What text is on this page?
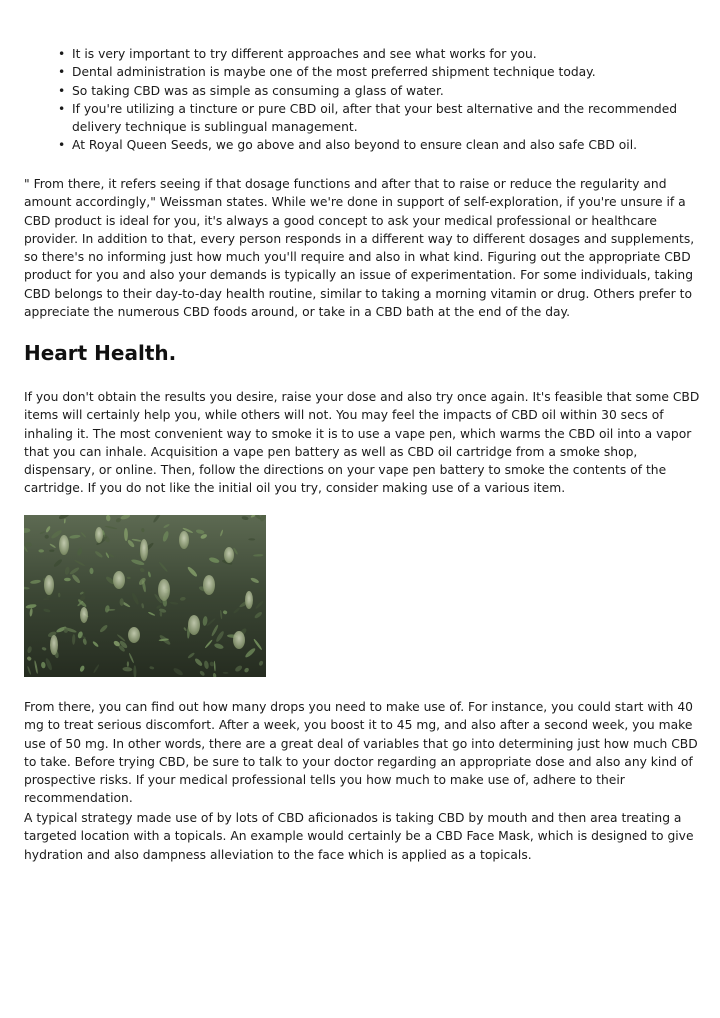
• It is very important to try different approaches and see what works for you.
• Dental administration is maybe one of the most preferred shipment technique today.
• So taking CBD was as simple as consuming a glass of water.
• If you're utilizing a tincture or pure CBD oil, after that your best alternative and the recommended delivery technique is sublingual management.
• At Royal Queen Seeds, we go above and also beyond to ensure clean and also safe CBD oil.

" From there, it refers seeing if that dosage functions and after that to raise or reduce the regularity and amount accordingly," Weissman states. While we're done in support of self-exploration, if you're unsure if a CBD product is ideal for you, it's always a good concept to ask your medical professional or healthcare provider. In addition to that, every person responds in a different way to different dosages and supplements, so there's no informing just how much you'll require and also in what kind. Figuring out the appropriate CBD product for you and also your demands is typically an issue of experimentation. For some individuals, taking CBD belongs to their day-to-day health routine, similar to taking a morning vitamin or drug. Others prefer to appreciate the numerous CBD foods around, or take in a CBD bath at the end of the day.

Heart Health.

If you don't obtain the results you desire, raise your dose and also try once again. It's feasible that some CBD items will certainly help you, while others will not. You may feel the impacts of CBD oil within 30 secs of inhaling it. The most convenient way to smoke it is to use a vape pen, which warms the CBD oil into a vapor that you can inhale. Acquisition a vape pen battery as well as CBD oil cartridge from a smoke shop, dispensary, or online. Then, follow the directions on your vape pen battery to smoke the contents of the cartridge. If you do not like the initial oil you try, consider making use of a various item.

From there, you can find out how many drops you need to make use of. For instance, you could start with 40 mg to treat serious discomfort. After a week, you boost it to 45 mg, and also after a second week, you make use of 50 mg. In other words, there are a great deal of variables that go into determining just how much CBD to take. Before trying CBD, be sure to talk to your doctor regarding an appropriate dose and also any kind of prospective risks. If your medical professional tells you how much to make use of, adhere to their recommendation.

A typical strategy made use of by lots of CBD aficionados is taking CBD by mouth and then area treating a targeted location with a topicals. An example would certainly be a CBD Face Mask, which is designed to give hydration and also dampness alleviation to the face which is applied as a topicals.
